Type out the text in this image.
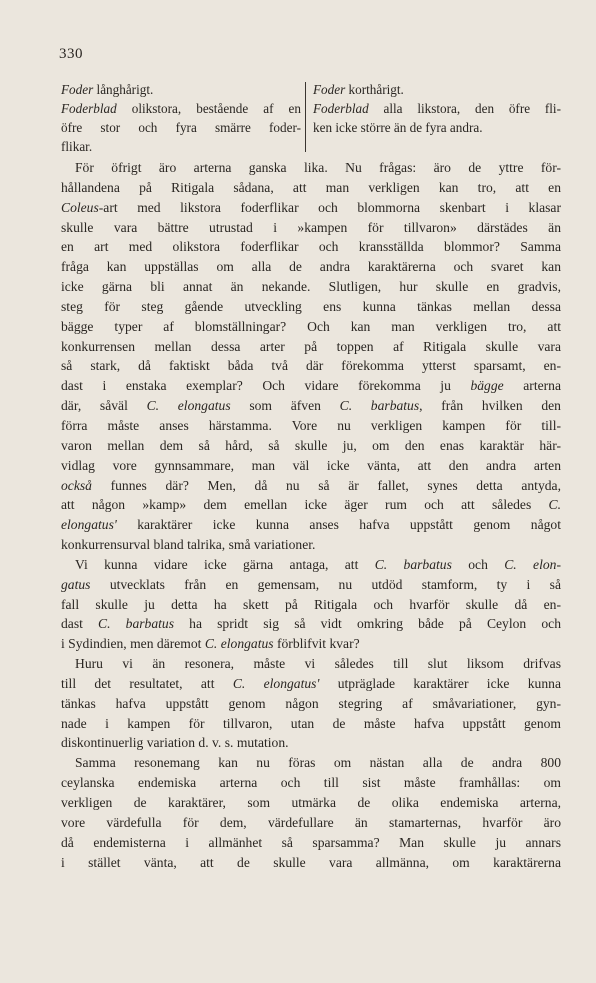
330
Foder långhårigt.
Foderblad olikstora, bestående af en
öfre stor och fyra smärre foder-
flikar.
Foder korthårigt.
Foderblad alla likstora, den öfre fli-
ken icke större än de fyra andra.
För öfrigt äro arterna ganska lika. Nu frågas: äro de yttre för-
hållandena på Ritigala sådana, att man verkligen kan tro, att en
Coleus-art med likstora foderflikar och blommorna skenbart i klasar
skulle vara bättre utrustad i »kampen för tillvaron» därstädes än
en art med olikstora foderflikar och kransställda blommor? Samma
fråga kan uppställas om alla de andra karaktärerna och svaret kan
icke gärna bli annat än nekande. Slutligen, hur skulle en gradvis,
steg för steg gående utveckling ens kunna tänkas mellan dessa
bägge typer af blomställningar? Och kan man verkligen tro, att
konkurrensen mellan dessa arter på toppen af Ritigala skulle vara
så stark, då faktiskt båda två där förekomma ytterst sparsamt, en-
dast i enstaka exemplar? Och vidare förekomma ju bägge arterna
där, såväl C. elongatus som äfven C. barbatus, från hvilken den
förra måste anses härstamma. Vore nu verkligen kampen för till-
varon mellan dem så hård, så skulle ju, om den enas karaktär här-
vidlag vore gynnsammare, man väl icke vänta, att den andra arten
också funnes där? Men, då nu så är fallet, synes detta antyda,
att någon »kamp» dem emellan icke äger rum och att således C.
elongatus' karaktärer icke kunna anses hafva uppstått genom något
konkurrensurval bland talrika, små variationer.
Vi kunna vidare icke gärna antaga, att C. barbatus och C. elon-
gatus utvecklats från en gemensam, nu utdöd stamform, ty i så
fall skulle ju detta ha skett på Ritigala och hvarför skulle då en-
dast C. barbatus ha spridt sig så vidt omkring både på Ceylon och
i Sydindien, men däremot C. elongatus förblifvit kvar?
Huru vi än resonera, måste vi således till slut liksom drifvas
till det resultatet, att C. elongatus' utpräglade karaktärer icke kunna
tänkas hafva uppstått genom någon stegring af småvariationer, gyn-
nade i kampen för tillvaron, utan de måste hafva uppstått genom
diskontinuerlig variation d. v. s. mutation.
Samma resonemang kan nu föras om nästan alla de andra 800
ceylanska endemiska arterna och till sist måste framhållas: om
verkligen de karaktärer, som utmärka de olika endemiska arterna,
vore värdefulla för dem, värdefullare än stamarternas, hvarför äro
då endemisterna i allmänhet så sparsamma? Man skulle ju annars
i stället vänta, att de skulle vara allmänna, om karaktärerna
